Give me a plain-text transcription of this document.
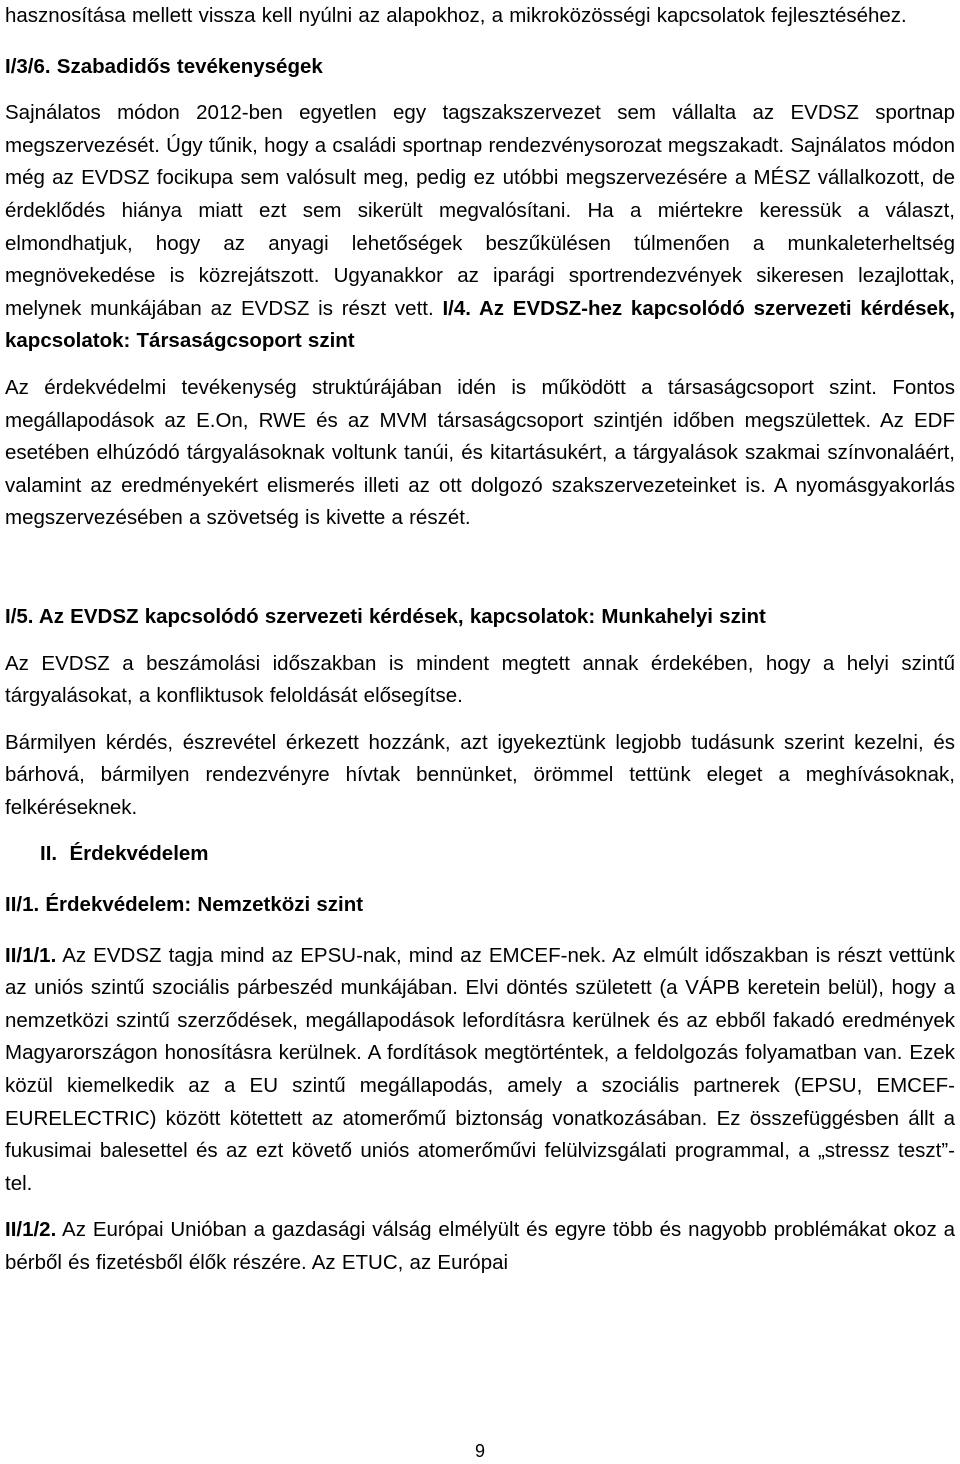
hasznosítása mellett vissza kell nyúlni az alapokhoz, a mikroközösségi kapcsolatok fejlesztéséhez.

I/3/6. Szabadidős tevékenységek

Sajnálatos módon 2012-ben egyetlen egy tagszakszervezet sem vállalta az EVDSZ sportnap megszervezését. Úgy tűnik, hogy a családi sportnap rendezvénysorozat megszakadt. Sajnálatos módon még az EVDSZ focikupa sem valósult meg, pedig ez utóbbi megszervezésére a MÉSZ vállalkozott, de érdeklődés hiánya miatt ezt sem sikerült megvalósítani. Ha a miértekre keressük a választ, elmondhatjuk, hogy az anyagi lehetőségek beszűkülésen túlmenően a munkaleterheltség megnövekedése is közrejátszott. Ugyanakkor az iparági sportrendezvények sikeresen lezajlottak, melynek munkájában az EVDSZ is részt vett. I/4. Az EVDSZ-hez kapcsolódó szervezeti kérdések, kapcsolatok: Társaságcsoport szint

Az érdekvédelmi tevékenység struktúrájában idén is működött a társaságcsoport szint. Fontos megállapodások az E.On, RWE és az MVM társaságcsoport szintjén időben megszülettek. Az EDF esetében elhúzódó tárgyalásoknak voltunk tanúi, és kitartásukért, a tárgyalások szakmai színvonaláért, valamint az eredményekért elismerés illeti az ott dolgozó szakszervezeteinket is. A nyomásgyakorlás megszervezésében a szövetség is kivette a részét.

I/5. Az EVDSZ kapcsolódó szervezeti kérdések, kapcsolatok: Munkahelyi szint

Az EVDSZ a beszámolási időszakban is mindent megtett annak érdekében, hogy a helyi szintű tárgyalásokat, a konfliktusok feloldását elősegítse.

Bármilyen kérdés, észrevétel érkezett hozzánk, azt igyekeztünk legjobb tudásunk szerint kezelni, és bárhová, bármilyen rendezvényre hívtak bennünket, örömmel tettünk eleget a meghívásoknak, felkéréseknek.

II. Érdekvédelem

II/1. Érdekvédelem: Nemzetközi szint

II/1/1. Az EVDSZ tagja mind az EPSU-nak, mind az EMCEF-nek. Az elmúlt időszakban is részt vettünk az uniós szintű szociális párbeszéd munkájában. Elvi döntés született (a VÁPB keretein belül), hogy a nemzetközi szintű szerződések, megállapodások lefordításra kerülnek és az ebből fakadó eredmények Magyarországon honosításra kerülnek. A fordítások megtörténtek, a feldolgozás folyamatban van. Ezek közül kiemelkedik az a EU szintű megállapodás, amely a szociális partnerek (EPSU, EMCEF-EURELECTRIC) között kötettett az atomerőmű biztonság vonatkozásában. Ez összefüggésben állt a fukusimai balesettel és az ezt követő uniós atomerőművi felülvizsgálati programmal, a „stressz teszt”-tel.

II/1/2. Az Európai Unióban a gazdasági válság elmélyült és egyre több és nagyobb problémákat okoz a bérből és fizetésből élők részére. Az ETUC, az Európai

9
